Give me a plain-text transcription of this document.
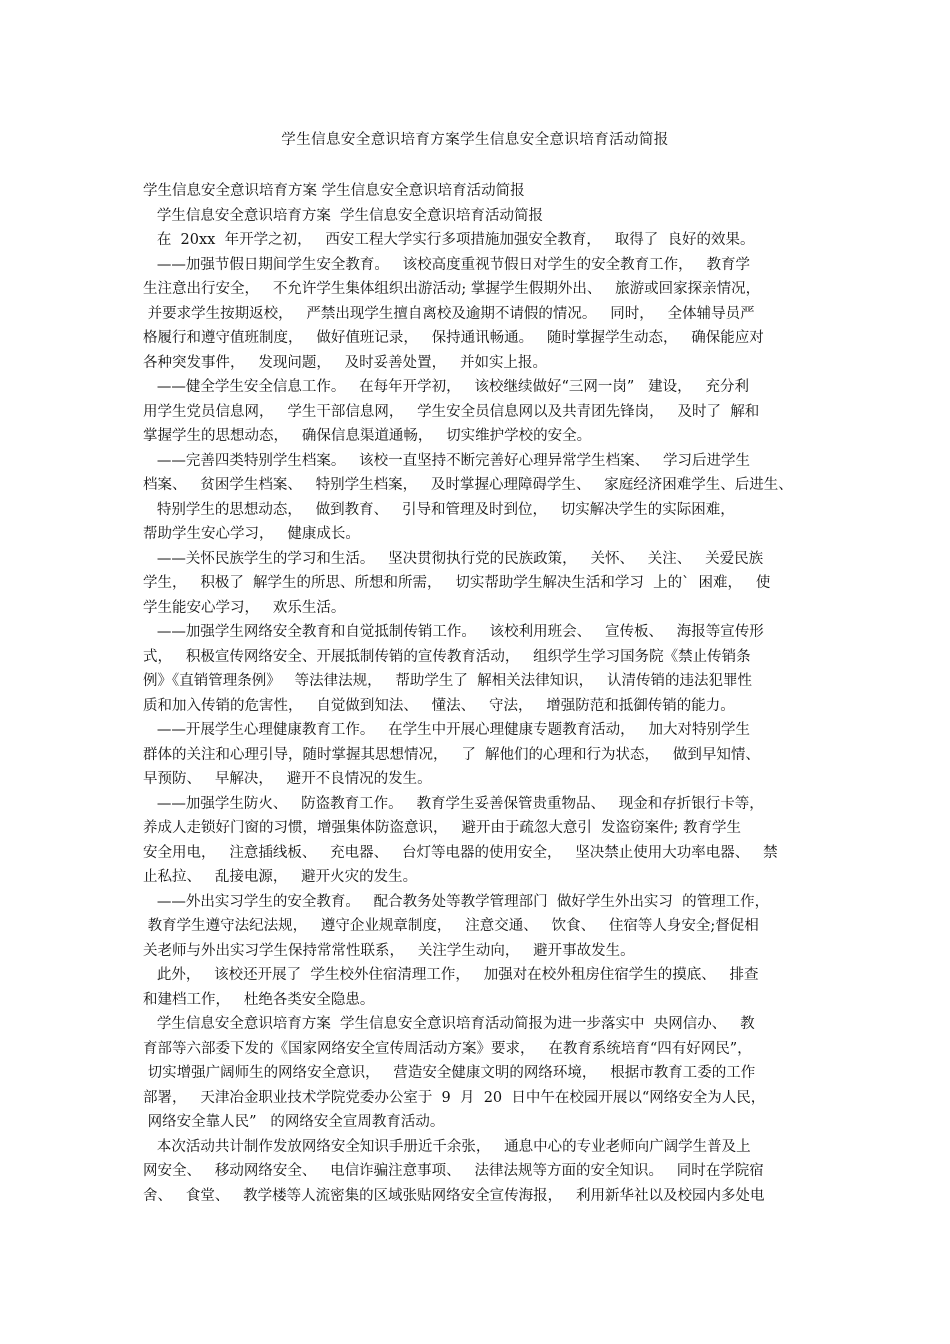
学生信息安全意识培育方案学生信息安全意识培育活动简报
学生信息安全意识培育方案 学生信息安全意识培育活动简报
学生信息安全意识培育方案  学生信息安全意识培育活动简报
在  20xx  年开学之初，   西安工程大学实行多项措施加强安全教育，   取得了  良好的效果。
——加强节假日期间学生安全教育。   该校高度重视节假日对学生的安全教育工作，   教育学
生注意出行安全，   不允许学生集体组织出游活动; 掌握学生假期外出、   旅游或回家探亲情况，
并要求学生按期返校，   严禁出现学生擅自离校及逾期不请假的情况。   同时，   全体辅导员严
格履行和遵守值班制度，   做好值班记录，   保持通讯畅通。   随时掌握学生动态，   确保能应对
各种突发事件，   发现问题，   及时妥善处置，   并如实上报。
——健全学生安全信息工作。   在每年开学初，   该校继续做好“三网一岗”   建设，   充分利
用学生党员信息网，   学生干部信息网，   学生安全员信息网以及共青团先锋岗，   及时了  解和
掌握学生的思想动态，   确保信息渠道通畅，   切实维护学校的安全。
——完善四类特别学生档案。   该校一直坚持不断完善好心理异常学生档案、   学习后进学生
档案、   贫困学生档案、   特别学生档案，   及时掌握心理障碍学生、   家庭经济困难学生、后进生、
特别学生的思想动态，   做到教育、   引导和管理及时到位，   切实解决学生的实际困难，
帮助学生安心学习，   健康成长。
——关怀民族学生的学习和生活。   坚决贯彻执行党的民族政策，   关怀、   关注、   关爱民族
学生，   积极了  解学生的所思、所想和所需，   切实帮助学生解决生活和学习  上的`  困难，   使
学生能安心学习，   欢乐生活。
——加强学生网络安全教育和自觉抵制传销工作。   该校利用班会、   宣传板、   海报等宣传形
式，   积极宣传网络安全、开展抵制传销的宣传教育活动，   组织学生学习国务院《禁止传销条
例》《直销管理条例》   等法律法规，   帮助学生了  解相关法律知识，   认清传销的违法犯罪性
质和加入传销的危害性，   自觉做到知法、   懂法、   守法，   增强防范和抵御传销的能力。
——开展学生心理健康教育工作。   在学生中开展心理健康专题教育活动，   加大对特别学生
群体的关注和心理引导，随时掌握其思想情况，   了  解他们的心理和行为状态，   做到早知情、
早预防、   早解决，   避开不良情况的发生。
——加强学生防火、   防盗教育工作。   教育学生妥善保管贵重物品、   现金和存折银行卡等，
养成人走锁好门窗的习惯，增强集体防盗意识，   避开由于疏忽大意引  发盗窃案件; 教育学生
安全用电，   注意插线板、   充电器、   台灯等电器的使用安全，   坚决禁止使用大功率电器、   禁
止私拉、   乱接电源，   避开火灾的发生。
——外出实习学生的安全教育。   配合教务处等教学管理部门  做好学生外出实习  的管理工作，
教育学生遵守法纪法规，   遵守企业规章制度，   注意交通、   饮食、   住宿等人身安全;督促相
关老师与外出实习学生保持常常性联系，   关注学生动向，   避开事故发生。
此外，   该校还开展了  学生校外住宿清理工作，   加强对在校外租房住宿学生的摸底、   排查
和建档工作，   杜绝各类安全隐患。
学生信息安全意识培育方案  学生信息安全意识培育活动简报为进一步落实中  央网信办、   教
育部等六部委下发的《国家网络安全宣传周活动方案》要求，   在教育系统培育“四有好网民”，
切实增强广阔师生的网络安全意识，   营造安全健康文明的网络环境，   根据市教育工委的工作
部署，   天津冶金职业技术学院党委办公室于  9  月  20  日中午在校园开展以“网络安全为人民，
网络安全靠人民”   的网络安全宣周教育活动。
本次活动共计制作发放网络安全知识手册近千余张，   通息中心的专业老师向广阔学生普及上
网安全、   移动网络安全、   电信诈骗注意事项、   法律法规等方面的安全知识。   同时在学院宿
舍、   食堂、   教学楼等人流密集的区域张贴网络安全宣传海报，   利用新华社以及校园内多处电
